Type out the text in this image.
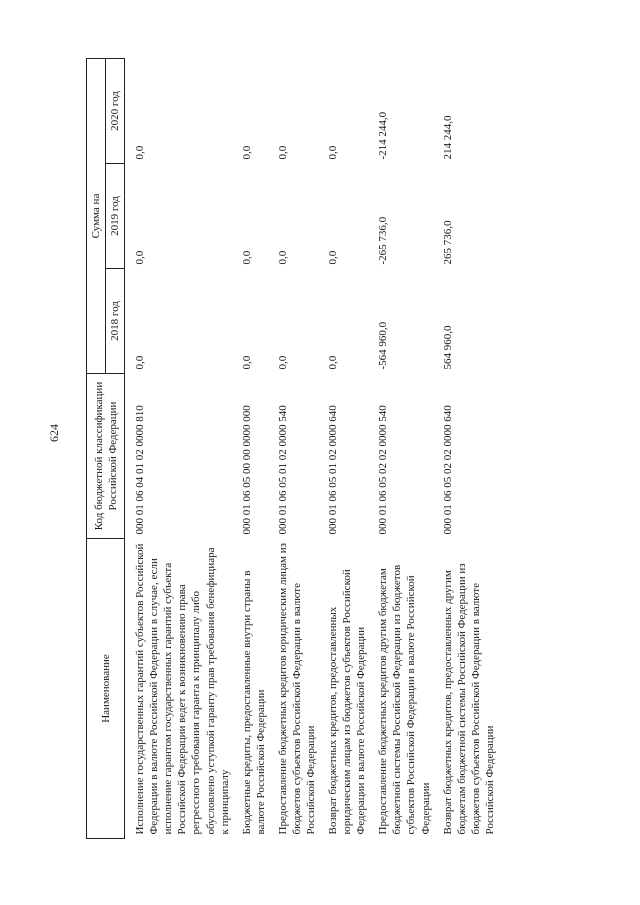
624
Наименование	Код бюджетной классификации Российской Федерации	Сумма на		
		2018 год	2019 год	2020 год
Исполнение государственных гарантий субъектов Российской Федерации в валюте Российской Федерации в случае, если исполнение гарантом государственных гарантий субъекта Российской Федерации ведет к возникновению права регрессного требования гаранта к принципалу либо обусловлено уступкой гаранту прав требования бенефициара к принципалу	000 01 06 04 01 02 0000 810	0,0	0,0	0,0
Бюджетные кредиты, предоставленные внутри страны в валюте Российской Федерации	000 01 06 05 00 00 0000 000	0,0	0,0	0,0
Предоставление бюджетных кредитов юридическим лицам из бюджетов субъектов Российской Федерации в валюте Российской Федерации	000 01 06 05 01 02 0000 540	0,0	0,0	0,0
Возврат бюджетных кредитов, предоставленных юридическим лицам из бюджетов субъектов Российской Федерации в валюте Российской Федерации	000 01 06 05 01 02 0000 640	0,0	0,0	0,0
Предоставление бюджетных кредитов другим бюджетам бюджетной системы Российской Федерации из бюджетов субъектов Российской Федерации в валюте Российской Федерации	000 01 06 05 02 02 0000 540	-564 960,0	-265 736,0	-214 244,0
Возврат бюджетных кредитов, предоставленных другим бюджетам бюджетной системы Российской Федерации из бюджетов субъектов Российской Федерации в валюте Российской Федерации	000 01 06 05 02 02 0000 640	564 960,0	265 736,0	214 244,0
